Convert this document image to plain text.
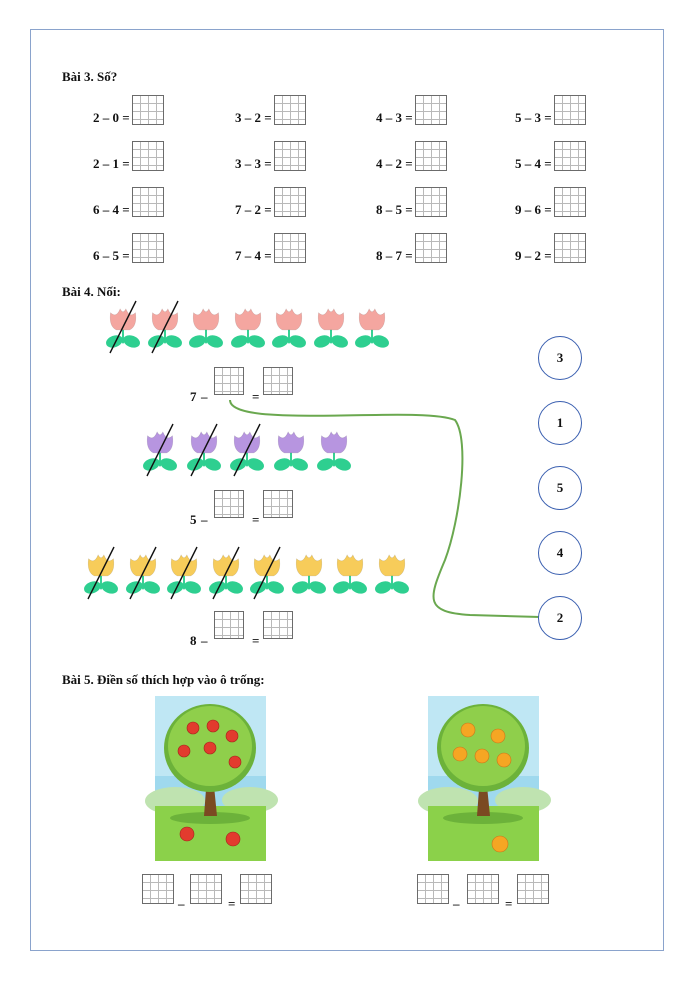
Bài 3. Số?
2 – 0 =	3 – 2 =	4 – 3 =	5 – 3 =
2 – 1 =	3 – 3 =	4 – 2 =	5 – 4 =
6 – 4 =	7 – 2 =	8 – 5 =	9 – 6 =
6 – 5 =	7 – 4 =	8 – 7 =	9 – 2 =
Bài 4. Nối:
7 –	=
5 –	=
8 –	=
3
1
5
4
2
Bài 5. Điền số thích hợp vào ô trống:
–	=	–	=
